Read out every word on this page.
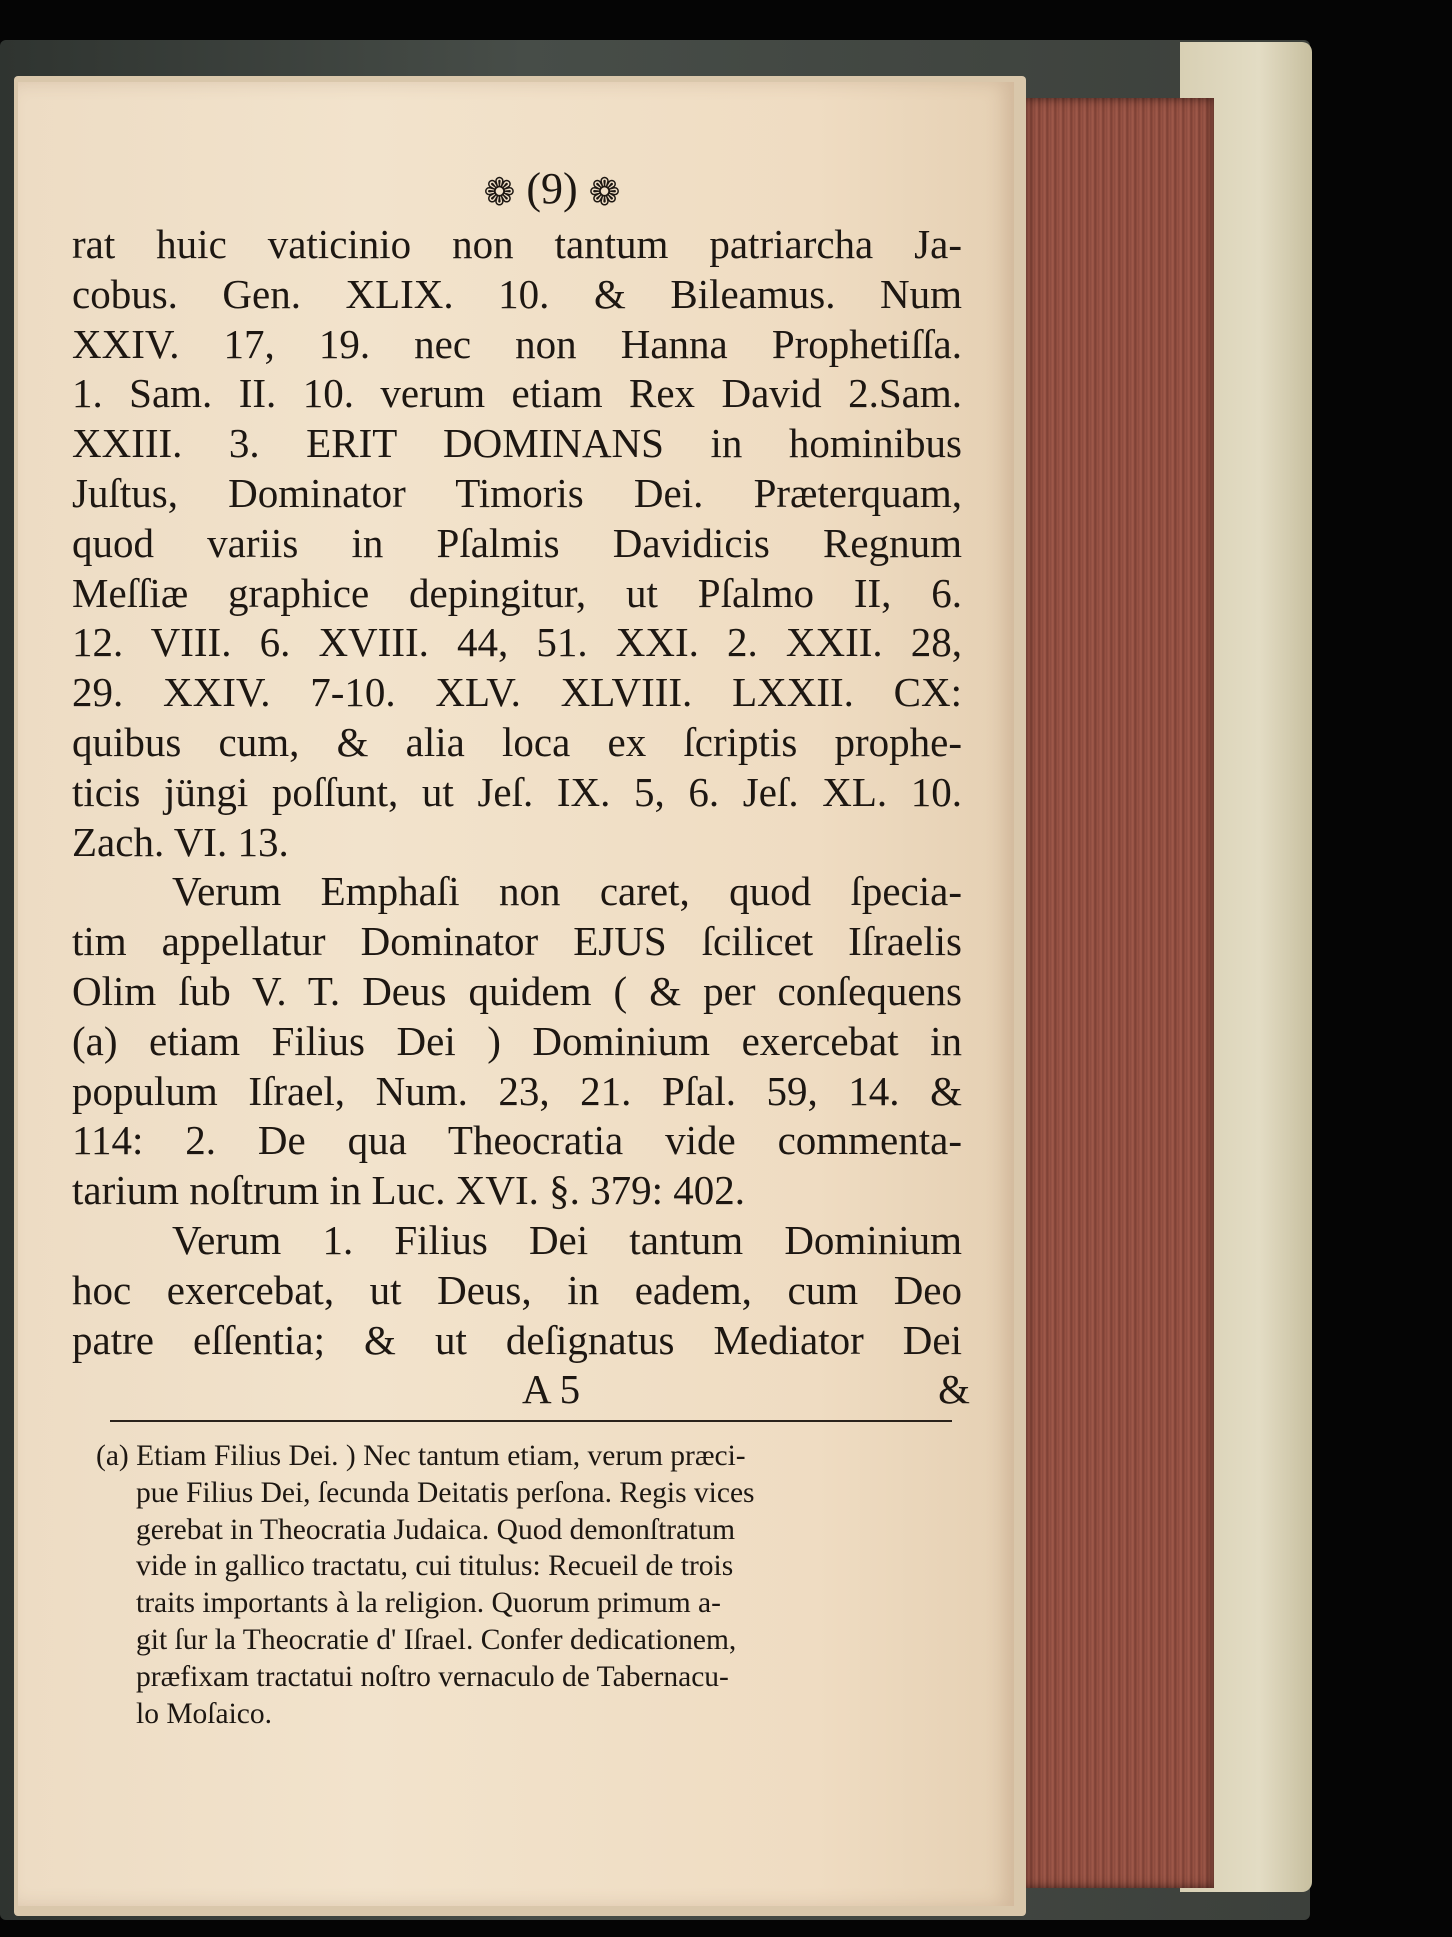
❁ (9) ❁
rat huic vaticinio non tantum patriarcha Ja-
cobus. Gen. XLIX. 10. & Bileamus. Num
XXIV. 17, 19. nec non Hanna Prophetiſſa.
1. Sam. II. 10. verum etiam Rex David 2.Sam.
XXIII. 3. ERIT DOMINANS in hominibus
Juſtus, Dominator Timoris Dei. Præterquam,
quod variis in Pſalmis Davidicis Regnum
Meſſiæ graphice depingitur, ut Pſalmo II, 6.
12. VIII. 6. XVIII. 44, 51. XXI. 2. XXII. 28,
29. XXIV. 7-10. XLV. XLVIII. LXXII. CX:
quibus cum, & alia loca ex ſcriptis prophe-
ticis jüngi poſſunt, ut Jeſ. IX. 5, 6. Jeſ. XL. 10.
Zach. VI. 13.
Verum Emphaſi non caret, quod ſpecia-
tim appellatur Dominator EJUS ſcilicet Iſraelis
Olim ſub V. T. Deus quidem ( & per conſequens
(a) etiam Filius Dei ) Dominium exercebat in
populum Iſrael, Num. 23, 21. Pſal. 59, 14. &
114: 2. De qua Theocratia vide commenta-
tarium noſtrum in Luc. XVI. §. 379: 402.
Verum 1. Filius Dei tantum Dominium
hoc exercebat, ut Deus, in eadem, cum Deo
patre eſſentia; & ut deſignatus Mediator Dei
A 5	&
(a) Etiam Filius Dei. ) Nec tantum etiam, verum præci-
pue Filius Dei, ſecunda Deitatis perſona. Regis vices
gerebat in Theocratia Judaica. Quod demonſtratum
vide in gallico tractatu, cui titulus: Recueil de trois
traits importants à la religion. Quorum primum a-
git ſur la Theocratie d' Iſrael. Confer dedicationem,
præfixam tractatui noſtro vernaculo de Tabernacu-
lo Moſaico.
